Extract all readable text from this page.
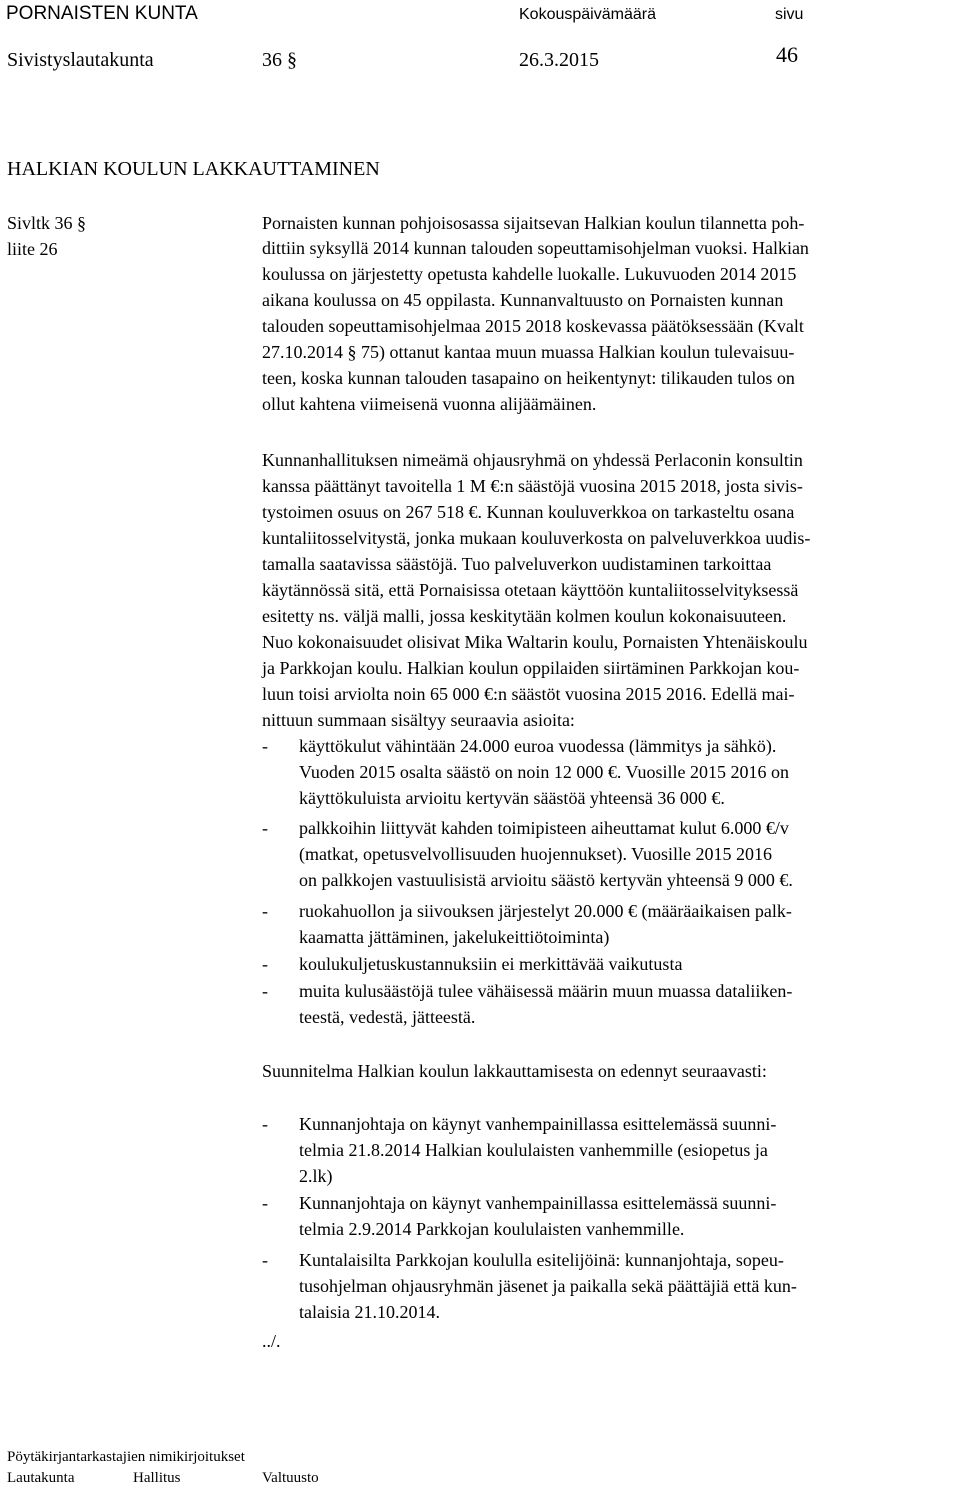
PORNAISTEN KUNTA	Kokouspäivämäärä	sivu
Sivistyslautakunta	36 §	26.3.2015	46
HALKIAN KOULUN LAKKAUTTAMINEN
Sivltk 36 §
liite 26
Pornaisten kunnan pohjoisosassa sijaitsevan Halkian koulun tilannetta poh-
dittiin syksyllä 2014 kunnan talouden sopeuttamisohjelman vuoksi. Halkian
koulussa on järjestetty opetusta kahdelle luokalle. Lukuvuoden 2014 2015
aikana koulussa on 45 oppilasta. Kunnanvaltuusto on Pornaisten kunnan
talouden sopeuttamisohjelmaa 2015 2018 koskevassa päätöksessään (Kvalt
27.10.2014 § 75) ottanut kantaa muun muassa Halkian koulun tulevaisuu-
teen, koska kunnan talouden tasapaino on heikentynyt: tilikauden tulos on
ollut kahtena viimeisenä vuonna alijäämäinen.
Kunnanhallituksen nimeämä ohjausryhmä on yhdessä Perlaconin konsultin
kanssa päättänyt tavoitella 1 M €:n säästöjä vuosina 2015 2018, josta sivis-
tystoimen osuus on 267 518 €. Kunnan kouluverkkoa on tarkasteltu osana
kuntaliitosselvitystä, jonka mukaan kouluverkosta on palveluverkkoa uudis-
tamalla saatavissa säästöjä. Tuo palveluverkon uudistaminen tarkoittaa
käytännössä sitä, että Pornaisissa otetaan käyttöön kuntaliitosselvityksessä
esitetty ns. väljä malli, jossa keskitytään kolmen koulun kokonaisuuteen.
Nuo kokonaisuudet olisivat Mika Waltarin koulu, Pornaisten Yhtenäiskoulu
ja Parkkojan koulu. Halkian koulun oppilaiden siirtäminen Parkkojan kou-
luun toisi arviolta noin 65 000 €:n säästöt vuosina 2015 2016. Edellä mai-
nittuun summaan sisältyy seuraavia asioita:
- käyttökulut vähintään 24.000 euroa vuodessa (lämmitys ja sähkö).
Vuoden 2015 osalta säästö on noin 12 000 €. Vuosille 2015 2016 on
käyttökuluista arvioitu kertyvän säästöä yhteensä 36 000 €.
- palkkoihin liittyvät kahden toimipisteen aiheuttamat kulut 6.000 €/v
(matkat, opetusvelvollisuuden huojennukset). Vuosille 2015 2016
on palkkojen vastuulisistä arvioitu säästö kertyvän yhteensä 9 000 €.
- ruokahuollon ja siivouksen järjestelyt 20.000 € (määräaikaisen palk-
kaamatta jättäminen, jakelukeittiötoiminta)
- koulukuljetuskustannuksiin ei merkittävää vaikutusta
- muita kulusäästöjä tulee vähäisessä määrin muun muassa dataliiken-
teestä, vedestä, jätteestä.
Suunnitelma Halkian koulun lakkauttamisesta on edennyt seuraavasti:
- Kunnanjohtaja on käynyt vanhempainillassa esittelemässä suunni-
telmia 21.8.2014 Halkian koululaisten vanhemmille (esiopetus ja
2.lk)
- Kunnanjohtaja on käynyt vanhempainillassa esittelemässä suunni-
telmia 2.9.2014 Parkkojan koululaisten vanhemmille.
- Kuntalaisilta Parkkojan koululla esitelijöinä: kunnanjohtaja, sopeu-
tusohjelman ohjausryhmän jäsenet ja paikalla sekä päättäjiä että kun-
talaisia 21.10.2014.
../.
Pöytäkirjantarkastajien nimikirjoitukset
Lautakunta	Hallitus	Valtuusto
